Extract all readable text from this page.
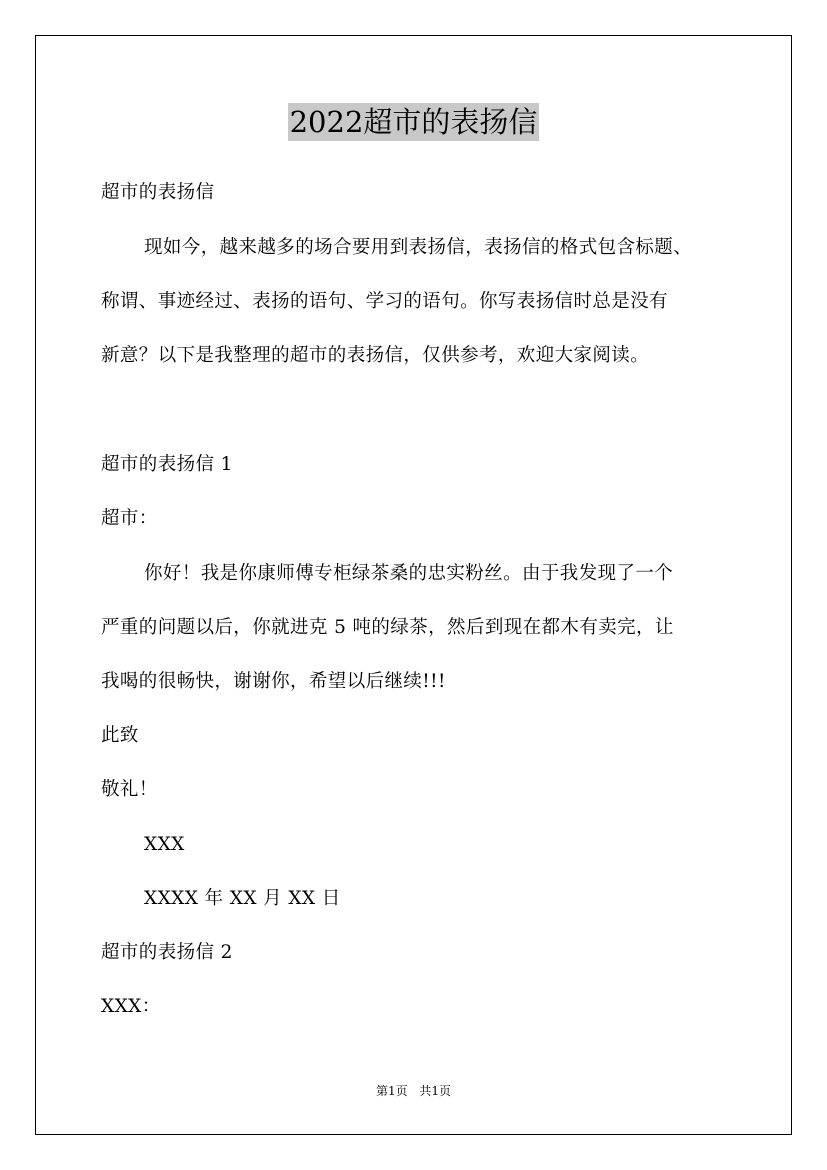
2022超市的表扬信
超市的表扬信
现如今，越来越多的场合要用到表扬信，表扬信的格式包含标题、
称谓、事迹经过、表扬的语句、学习的语句。你写表扬信时总是没有
新意？以下是我整理的超市的表扬信，仅供参考，欢迎大家阅读。
超市的表扬信 1
超市：
你好！我是你康师傅专柜绿茶桑的忠实粉丝。由于我发现了一个
严重的问题以后，你就进克 5 吨的绿茶，然后到现在都木有卖完，让
我喝的很畅快，谢谢你，希望以后继续!!!
此致
敬礼！
XXX
XXXX 年 XX 月 XX 日
超市的表扬信 2
XXX：
第1页 共1页
